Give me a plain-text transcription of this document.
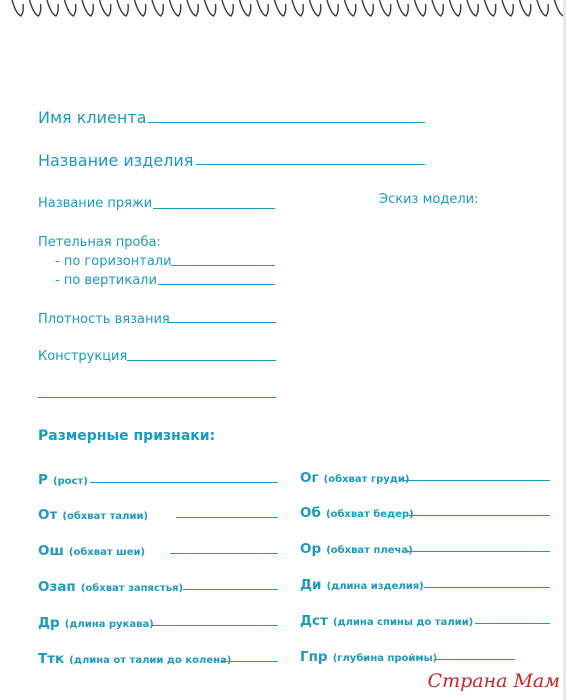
Имя клиента
Название изделия
Название пряжи	Эскиз модели:
Петельная проба:
- по горизонтали
- по вертикали
Плотность вязания
Конструкция
Размерные признаки:
Р (рост)
От (обхват талии)
Ош (обхват шеи)
Озап (обхват запястья)
Др (длина рукава)
Ттк (длина от талии до колена)
Ог (обхват груди)
Об (обхват бедер)
Ор (обхват плеча)
Ди (длина изделия)
Дст (длина спины до талии)
Гпр (глубина проймы)
Страна Мам
